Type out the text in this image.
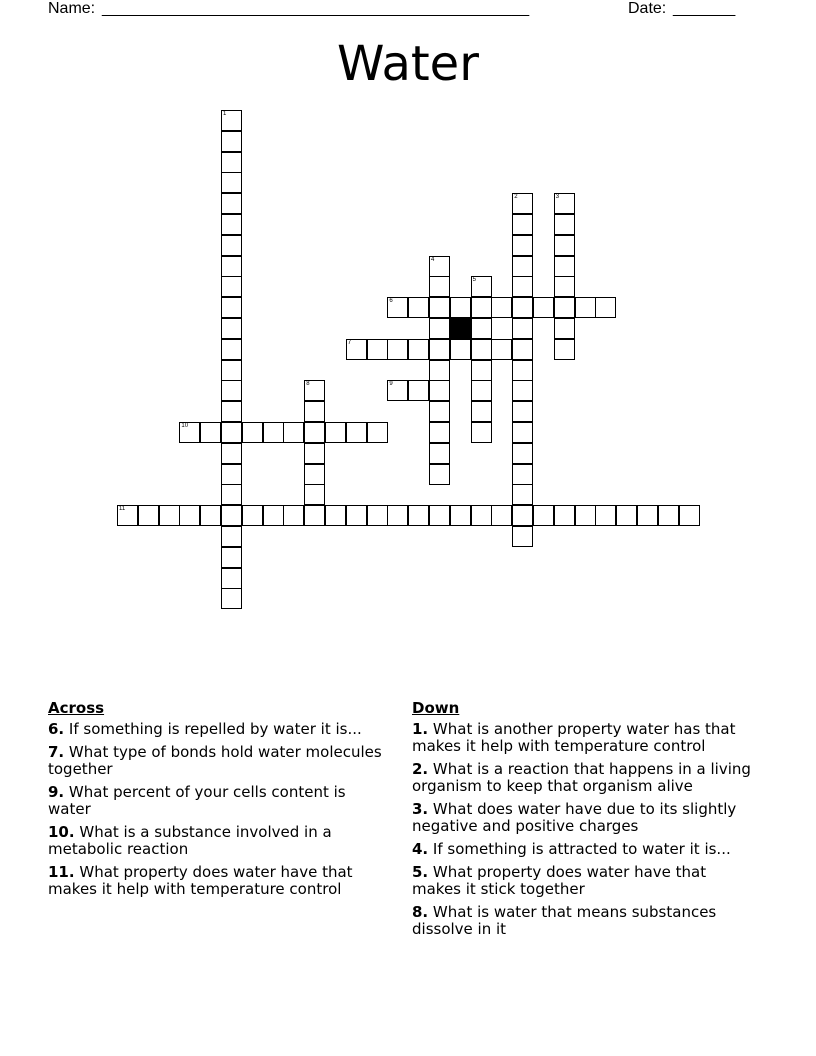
Name: ________________________________________________	Date: _______
Water
1
2	3
4
5
6
7
8	9
10
11
Across
6. If something is repelled by water it is...
7. What type of bonds hold water molecules together
9. What percent of your cells content is water
10. What is a substance involved in a metabolic reaction
11. What property does water have that makes it help with temperature control
Down
1. What is another property water has that makes it help with temperature control
2. What is a reaction that happens in a living organism to keep that organism alive
3. What does water have due to its slightly negative and positive charges
4. If something is attracted to water it is...
5. What property does water have that makes it stick together
8. What is water that means substances dissolve in it
